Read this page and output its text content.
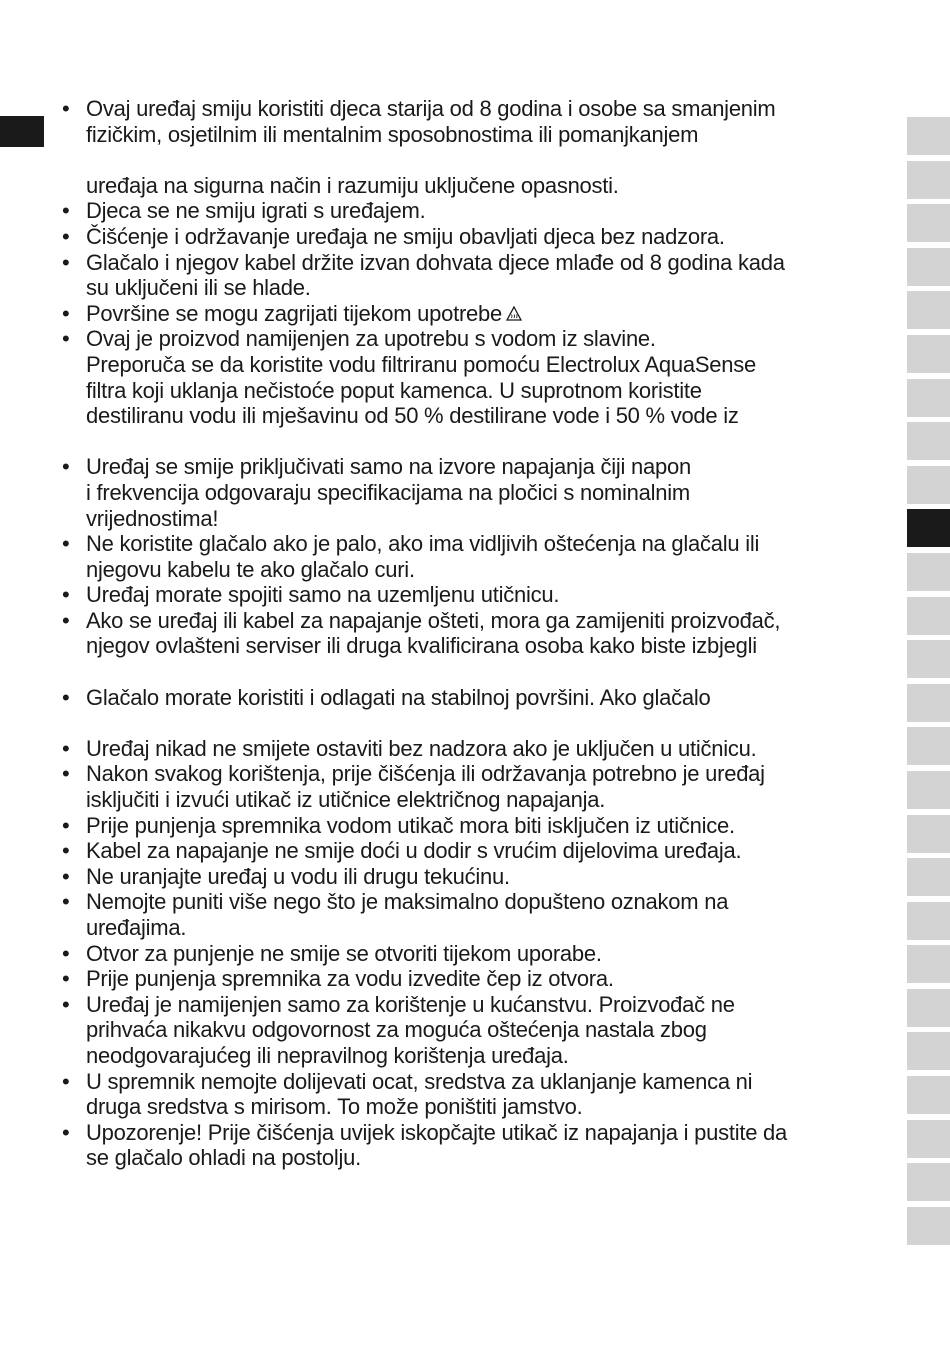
• Ovaj uređaj smiju koristiti djeca starija od 8 godina i osobe sa smanjenim
fizičkim, osjetilnim ili mentalnim sposobnostima ili pomanjkanjem
uređaja na sigurna način i razumiju uključene opasnosti.
• Djeca se ne smiju igrati s uređajem.
• Čišćenje i održavanje uređaja ne smiju obavljati djeca bez nadzora.
• Glačalo i njegov kabel držite izvan dohvata djece mlađe od 8 godina kada
su uključeni ili se hlade.
• Površine se mogu zagrijati tijekom upotrebe
• Ovaj je proizvod namijenjen za upotrebu s vodom iz slavine.
Preporuča se da koristite vodu filtriranu pomoću Electrolux AquaSense
filtra koji uklanja nečistoće poput kamenca. U suprotnom koristite
destiliranu vodu ili mješavinu od 50 % destilirane vode i 50 % vode iz
• Uređaj se smije priključivati samo na izvore napajanja čiji napon
i frekvencija odgovaraju specifikacijama na pločici s nominalnim
vrijednostima!
• Ne koristite glačalo ako je palo, ako ima vidljivih oštećenja na glačalu ili
njegovu kabelu te ako glačalo curi.
• Uređaj morate spojiti samo na uzemljenu utičnicu.
• Ako se uređaj ili kabel za napajanje ošteti, mora ga zamijeniti proizvođač,
njegov ovlašteni serviser ili druga kvalificirana osoba kako biste izbjegli
• Glačalo morate koristiti i odlagati na stabilnoj površini. Ako glačalo
• Uređaj nikad ne smijete ostaviti bez nadzora ako je uključen u utičnicu.
• Nakon svakog korištenja, prije čišćenja ili održavanja potrebno je uređaj
isključiti i izvući utikač iz utičnice električnog napajanja.
• Prije punjenja spremnika vodom utikač mora biti isključen iz utičnice.
• Kabel za napajanje ne smije doći u dodir s vrućim dijelovima uređaja.
• Ne uranjajte uređaj u vodu ili drugu tekućinu.
• Nemojte puniti više nego što je maksimalno dopušteno oznakom na
uređajima.
• Otvor za punjenje ne smije se otvoriti tijekom uporabe.
• Prije punjenja spremnika za vodu izvedite čep iz otvora.
• Uređaj je namijenjen samo za korištenje u kućanstvu. Proizvođač ne
prihvaća nikakvu odgovornost za moguća oštećenja nastala zbog
neodgovarajućeg ili nepravilnog korištenja uređaja.
• U spremnik nemojte dolijevati ocat, sredstva za uklanjanje kamenca ni
druga sredstva s mirisom. To može poništiti jamstvo.
• Upozorenje! Prije čišćenja uvijek iskopčajte utikač iz napajanja i pustite da
se glačalo ohladi na postolju.
